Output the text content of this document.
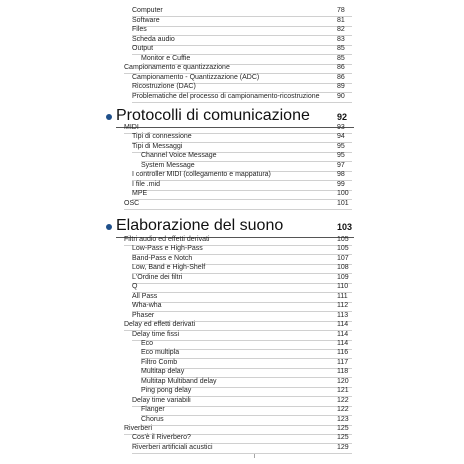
Computer	78
Software	81
Files	82
Scheda audio	83
Output	85
Monitor e Cuffie	85
Campionamento e quantizzazione	86
Campionamento - Quantizzazione (ADC)	86
Ricostruzione (DAC)	89
Problematiche del processo di campionamento-ricostruzione 90
Protocolli di comunicazione	92
MIDI	93
Tipi di connessione	94
Tipi di Messaggi	95
Channel Voice Message	95
System Message	97
I controller MIDI (collegamento e mappatura)	98
I file .mid	99
MPE	100
OSC	101
Elaborazione del suono	103
Filtri audio ed effetti derivati	105
Low-Pass e High-Pass	105
Band-Pass e Notch	107
Low, Band e High-Shelf	108
L'Ordine dei filtri	109
Q	110
All Pass	111
Wha-wha	112
Phaser	113
Delay ed effetti derivati	114
Delay time fissi	114
Eco	114
Eco multipla	116
Filtro Comb	117
Multitap delay	118
Multitap Multiband delay	120
Ping pong delay	121
Delay time variabili	122
Flanger	122
Chorus	123
Riverberi	125
Cos'è il Riverbero?	125
Riverberi artificiali acustici	129
I
